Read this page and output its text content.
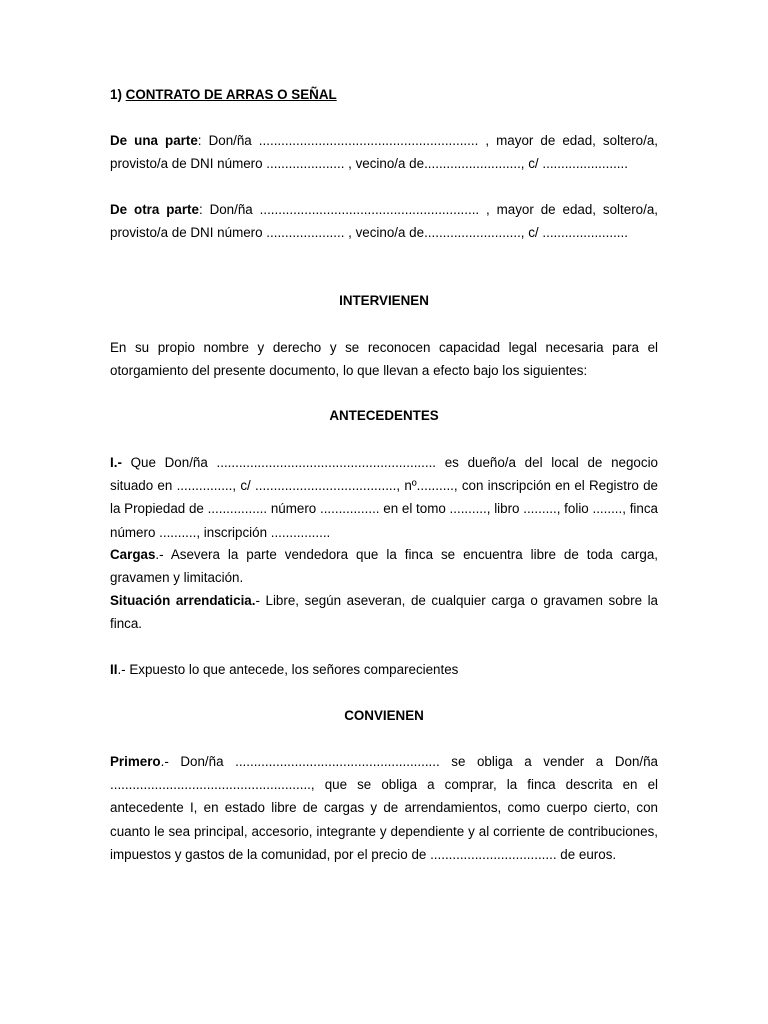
1) CONTRATO DE ARRAS O SEÑAL

De una parte: Don/ña ........................................................... , mayor de edad, soltero/a, provisto/a de DNI número ..................... , vecino/a de.........................., c/ .......................

De otra parte: Don/ña ........................................................... , mayor de edad, soltero/a, provisto/a de DNI número ..................... , vecino/a de.........................., c/ .......................

INTERVIENEN

En su propio nombre y derecho y se reconocen capacidad legal necesaria para el otorgamiento del presente documento, lo que llevan a efecto bajo los siguientes:

ANTECEDENTES

I.- Que Don/ña ........................................................... es dueño/a del local de negocio situado en ..............., c/ ......................................, nº.........., con inscripción en el Registro de la Propiedad de ................ número ................ en el tomo .........., libro ........., folio ........, finca número .........., inscripción ................

Cargas.- Asevera la parte vendedora que la finca se encuentra libre de toda carga, gravamen y limitación.

Situación arrendaticia.- Libre, según aseveran, de cualquier carga o gravamen sobre la finca.

II.- Expuesto lo que antecede, los señores comparecientes

CONVIENEN

Primero.- Don/ña ....................................................... se obliga a vender a Don/ña ......................................................, que se obliga a comprar, la finca descrita en el antecedente I, en estado libre de cargas y de arrendamientos, como cuerpo cierto, con cuanto le sea principal, accesorio, integrante y dependiente y al corriente de contribuciones, impuestos y gastos de la comunidad, por el precio de .................................. de euros.
